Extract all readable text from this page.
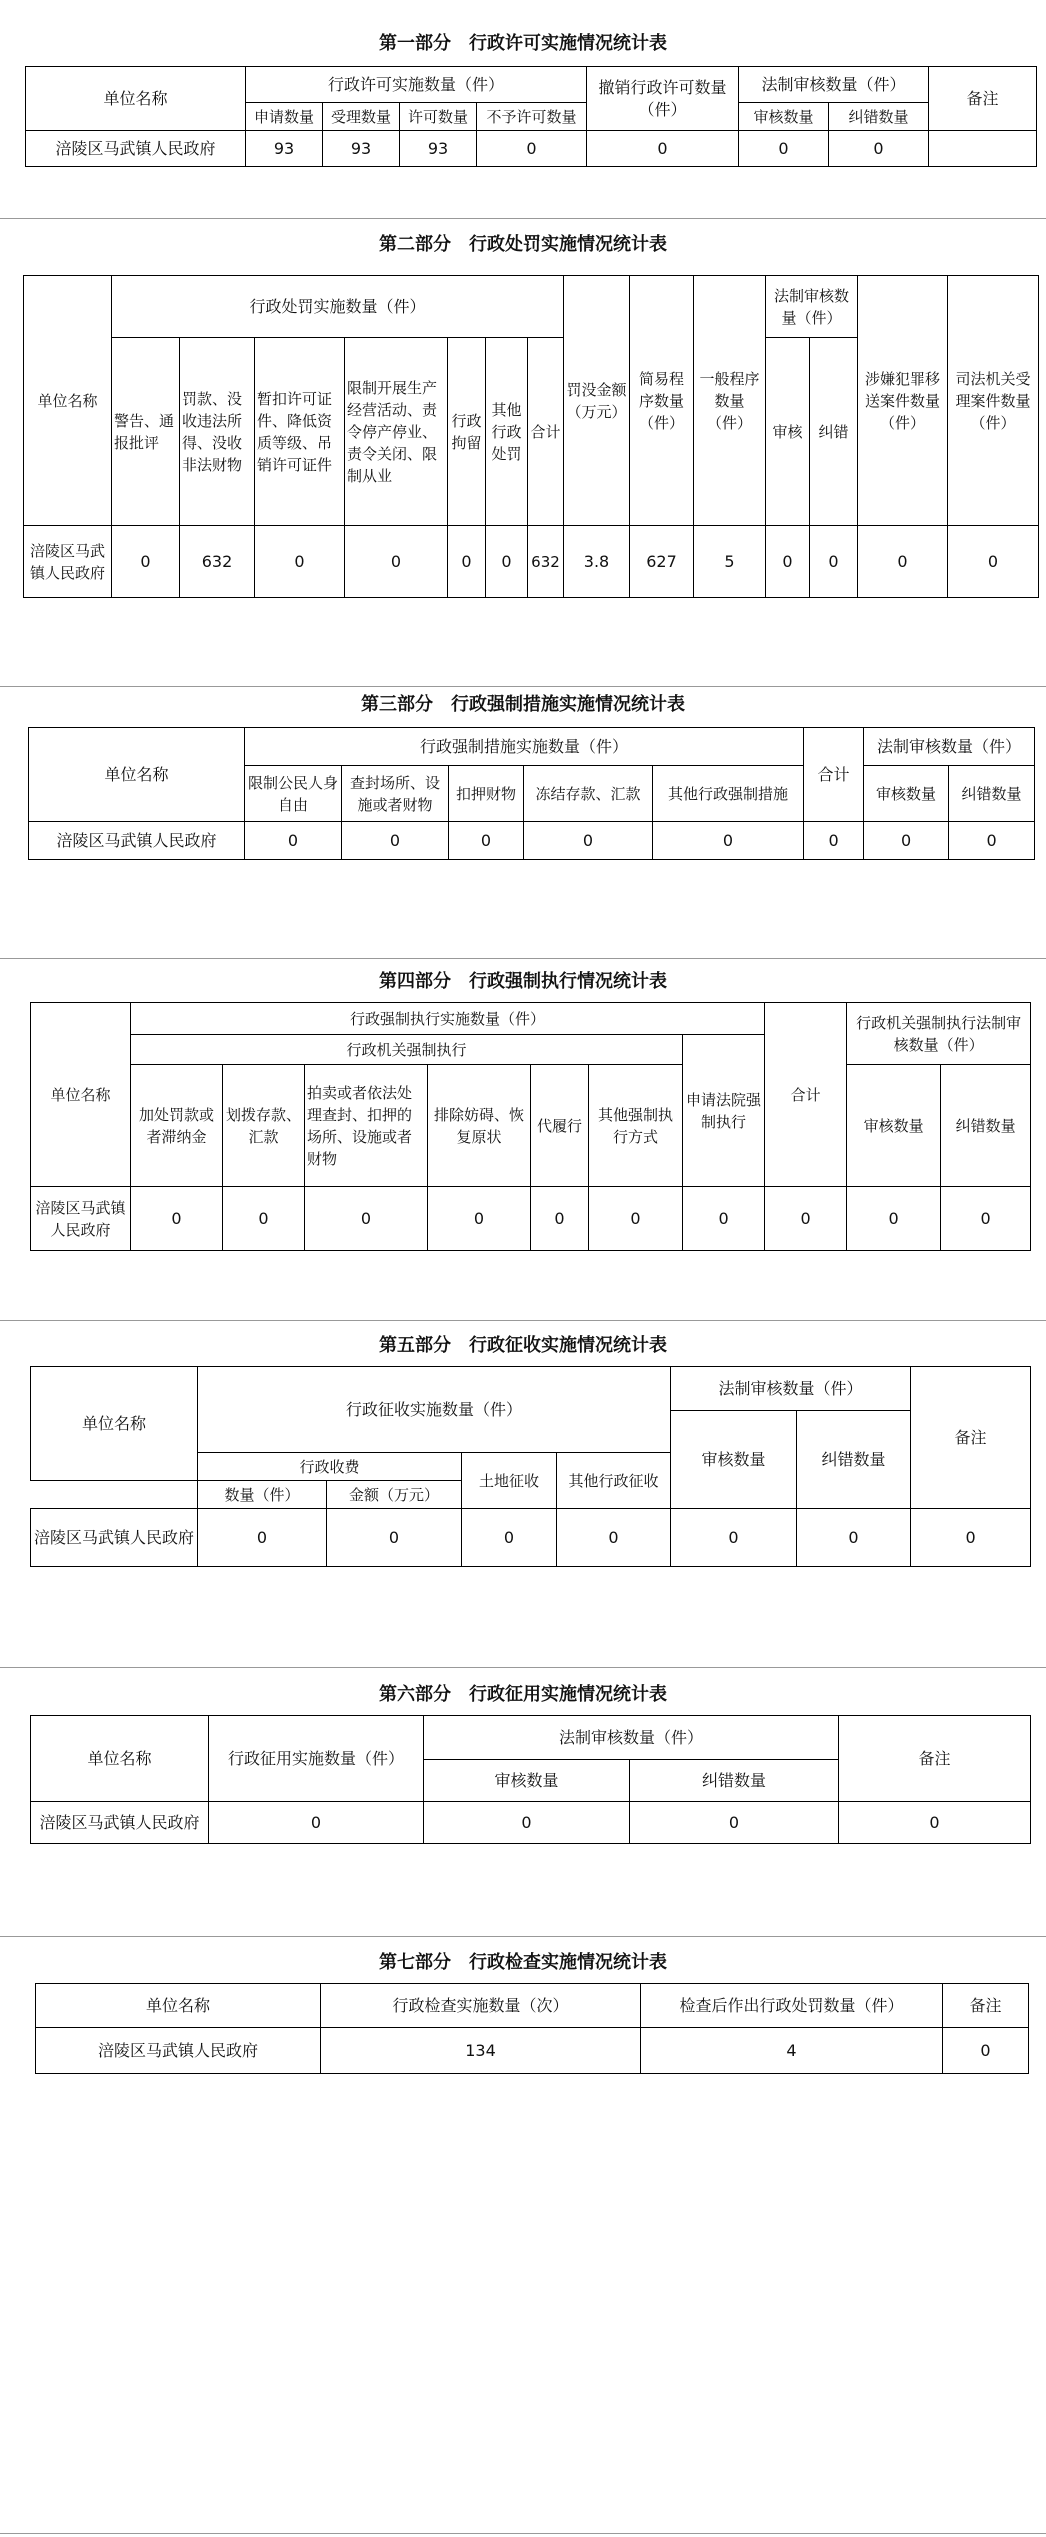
第一部分　行政许可实施情况统计表
单位名称	行政许可实施数量（件）				撤销行政许可数量（件）	法制审核数量（件）		备注
	申请数量	受理数量	许可数量	不予许可数量		审核数量	纠错数量	
涪陵区马武镇人民政府	93	93	93	0	0	0	0	
第二部分　行政处罚实施情况统计表
单位名称	行政处罚实施数量（件）							罚没金额（万元）	简易程序数量（件）	一般程序数量（件）	法制审核数量（件）		涉嫌犯罪移送案件数量（件）	司法机关受理案件数量（件）
	警告、通报批评	罚款、没收违法所得、没收非法财物	暂扣许可证件、降低资质等级、吊销许可证件	限制开展生产经营活动、责令停产停业、责令关闭、限制从业	行政拘留	其他行政处罚	合计				审核	纠错		
涪陵区马武镇人民政府	0	632	0	0	0	0	632	3.8	627	5	0	0	0	0
第三部分　行政强制措施实施情况统计表
单位名称	行政强制措施实施数量（件）					合计	法制审核数量（件）	
	限制公民人身自由	查封场所、设施或者财物	扣押财物	冻结存款、汇款	其他行政强制措施		审核数量	纠错数量
涪陵区马武镇人民政府	0	0	0	0	0	0	0	0
第四部分　行政强制执行情况统计表
单位名称	行政强制执行实施数量（件）							合计	行政机关强制执行法制审核数量（件）	
	行政机关强制执行						申请法院强制执行			
	加处罚款或者滞纳金	划拨存款、汇款	拍卖或者依法处理查封、扣押的场所、设施或者财物	排除妨碍、恢复原状	代履行	其他强制执行方式			审核数量	纠错数量
涪陵区马武镇人民政府	0	0	0	0	0	0	0	0	0	0
第五部分　行政征收实施情况统计表
单位名称	行政征收实施数量（件）				法制审核数量（件）		备注
					审核数量	纠错数量	
	行政收费		土地征收	其他行政征收			
	数量（件）	金额（万元）					
涪陵区马武镇人民政府	0	0	0	0	0	0	0
第六部分　行政征用实施情况统计表
单位名称	行政征用实施数量（件）	法制审核数量（件）		备注
		审核数量	纠错数量	
涪陵区马武镇人民政府	0	0	0	0
第七部分　行政检查实施情况统计表
单位名称	行政检查实施数量（次）	检查后作出行政处罚数量（件）	备注
涪陵区马武镇人民政府	134	4	0
